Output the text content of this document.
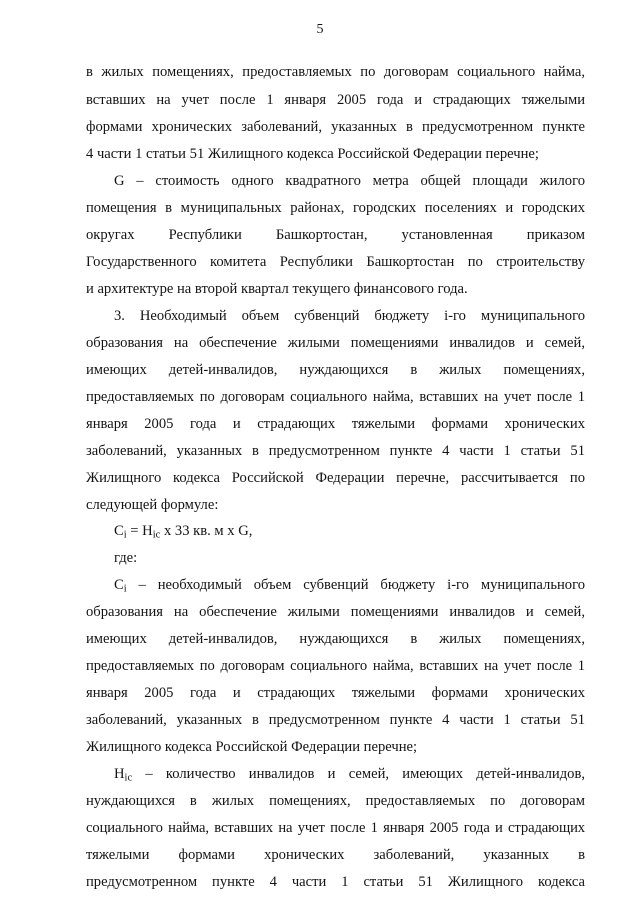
5
в жилых помещениях, предоставляемых по договорам социального найма,
вставших на учет после 1 января 2005 года и страдающих тяжелыми
формами хронических заболеваний, указанных в предусмотренном пункте
4 части 1 статьи 51 Жилищного кодекса Российской Федерации перечне;
G – стоимость одного квадратного метра общей площади жилого
помещения в муниципальных районах, городских поселениях и городских
округах Республики Башкортостан, установленная приказом
Государственного комитета Республики Башкортостан по строительству
и архитектуре на второй квартал текущего финансового года.
3. Необходимый объем субвенций бюджету i-го муниципального
образования на обеспечение жилыми помещениями инвалидов и семей,
имеющих детей-инвалидов, нуждающихся в жилых помещениях,
предоставляемых по договорам социального найма, вставших на учет после 1
января 2005 года и страдающих тяжелыми формами хронических
заболеваний, указанных в предусмотренном пункте 4 части 1 статьи 51
Жилищного кодекса Российской Федерации перечне, рассчитывается по
следующей формуле:
$C_i = H_{ic}$ x 33 кв. м x G,
где:
$C_i$ – необходимый объем субвенций бюджету i-го муниципального
образования на обеспечение жилыми помещениями инвалидов и семей,
имеющих детей-инвалидов, нуждающихся в жилых помещениях,
предоставляемых по договорам социального найма, вставших на учет после 1
января 2005 года и страдающих тяжелыми формами хронических
заболеваний, указанных в предусмотренном пункте 4 части 1 статьи 51
Жилищного кодекса Российской Федерации перечне;
$H_{ic}$ – количество инвалидов и семей, имеющих детей-инвалидов,
нуждающихся в жилых помещениях, предоставляемых по договорам
социального найма, вставших на учет после 1 января 2005 года и страдающих
тяжелыми формами хронических заболеваний, указанных в
предусмотренном пункте 4 части 1 статьи 51 Жилищного кодекса
